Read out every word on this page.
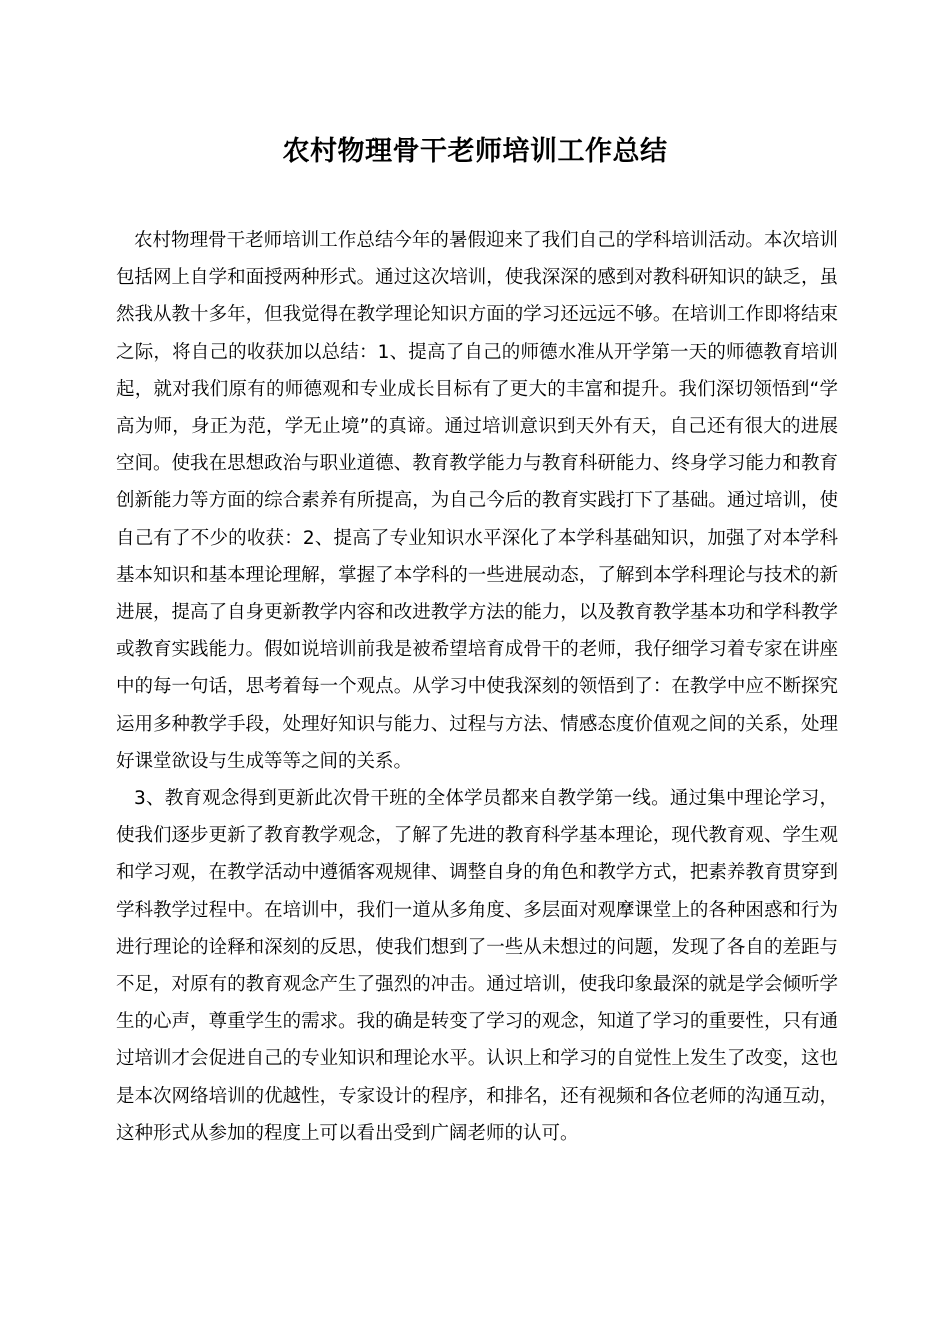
农村物理骨干老师培训工作总结

农村物理骨干老师培训工作总结今年的暑假迎来了我们自己的学科培训活动。本次培训包括网上自学和面授两种形式。通过这次培训，使我深深的感到对教科研知识的缺乏，虽然我从教十多年，但我觉得在教学理论知识方面的学习还远远不够。在培训工作即将结束之际，将自己的收获加以总结：1、提高了自己的师德水准从开学第一天的师德教育培训起，就对我们原有的师德观和专业成长目标有了更大的丰富和提升。我们深切领悟到“学高为师，身正为范，学无止境”的真谛。通过培训意识到天外有天，自己还有很大的进展空间。使我在思想政治与职业道德、教育教学能力与教育科研能力、终身学习能力和教育创新能力等方面的综合素养有所提高，为自己今后的教育实践打下了基础。通过培训，使自己有了不少的收获：2、提高了专业知识水平深化了本学科基础知识，加强了对本学科基本知识和基本理论理解，掌握了本学科的一些进展动态，了解到本学科理论与技术的新进展，提高了自身更新教学内容和改进教学方法的能力，以及教育教学基本功和学科教学或教育实践能力。假如说培训前我是被希望培育成骨干的老师，我仔细学习着专家在讲座中的每一句话，思考着每一个观点。从学习中使我深刻的领悟到了：在教学中应不断探究运用多种教学手段，处理好知识与能力、过程与方法、情感态度价值观之间的关系，处理好课堂欲设与生成等等之间的关系。

3、教育观念得到更新此次骨干班的全体学员都来自教学第一线。通过集中理论学习，使我们逐步更新了教育教学观念，了解了先进的教育科学基本理论，现代教育观、学生观和学习观，在教学活动中遵循客观规律、调整自身的角色和教学方式，把素养教育贯穿到学科教学过程中。在培训中，我们一道从多角度、多层面对观摩课堂上的各种困惑和行为进行理论的诠释和深刻的反思，使我们想到了一些从未想过的问题，发现了各自的差距与不足，对原有的教育观念产生了强烈的冲击。通过培训，使我印象最深的就是学会倾听学生的心声，尊重学生的需求。我的确是转变了学习的观念，知道了学习的重要性，只有通过培训才会促进自己的专业知识和理论水平。认识上和学习的自觉性上发生了改变，这也是本次网络培训的优越性，专家设计的程序，和排名，还有视频和各位老师的沟通互动，这种形式从参加的程度上可以看出受到广阔老师的认可。
